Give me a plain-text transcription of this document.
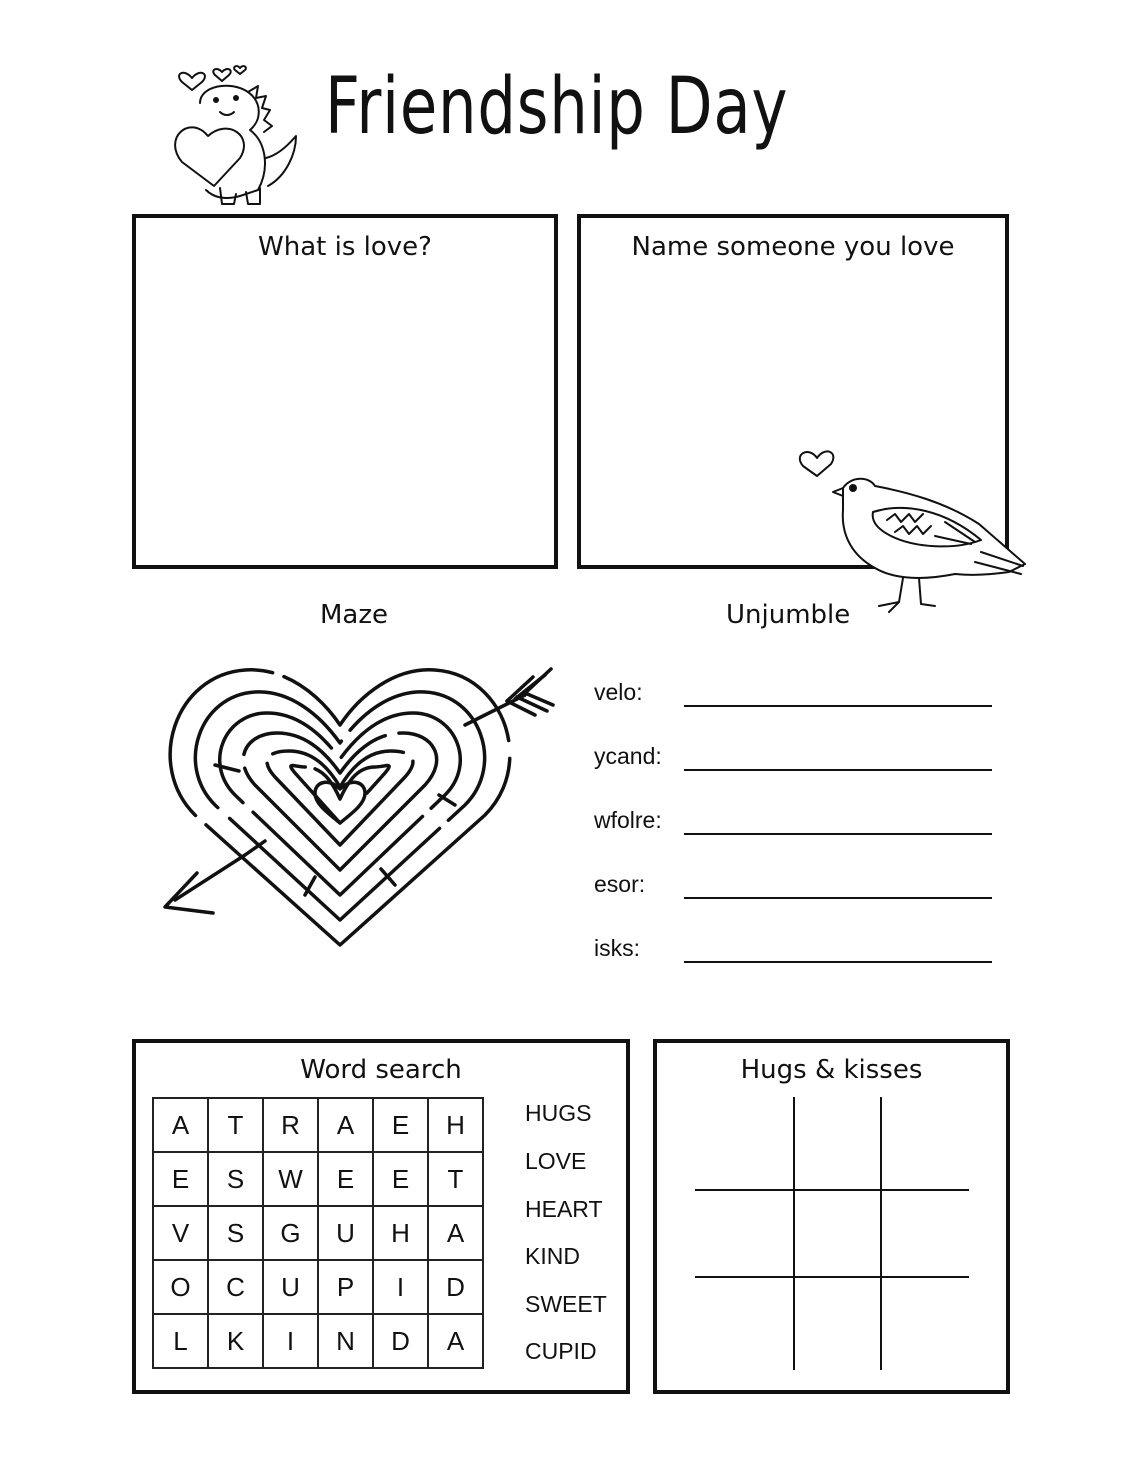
Friendship Day
What is love?	Name someone you love
Maze	Unjumble
velo:
ycand:
wfolre:
esor:
isks:
Word search
A	T	R	A	E	H
E	S	W	E	E	T
V	S	G	U	H	A
O	C	U	P	I	D
L	K	I	N	D	A
HUGS
LOVE
HEART
KIND
SWEET
CUPID
Hugs & kisses
